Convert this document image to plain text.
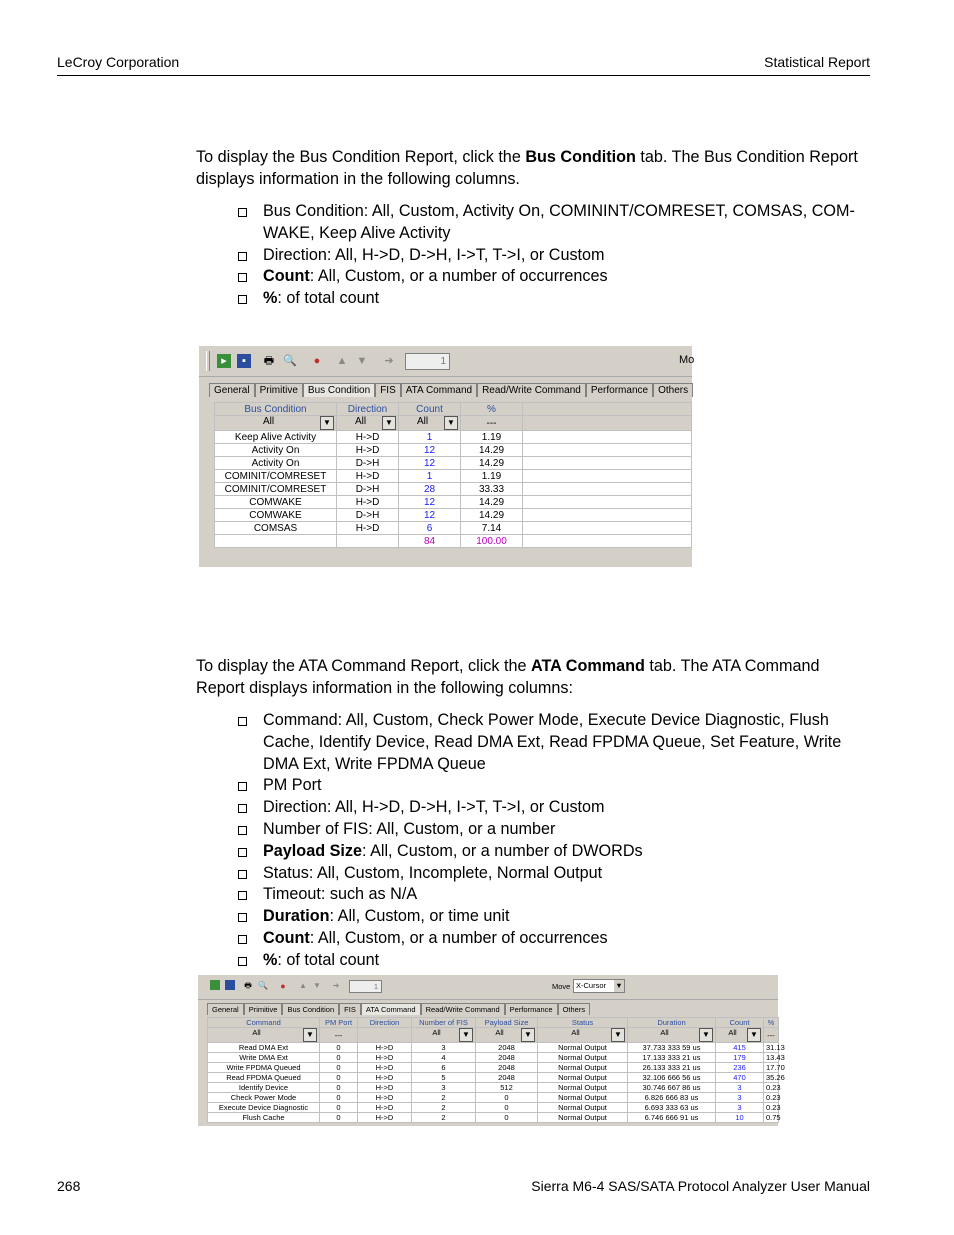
LeCroy Corporation	Statistical Report
To display the Bus Condition Report, click the Bus Condition tab. The Bus Condition Report displays information in the following columns.
Bus Condition: All, Custom, Activity On, COMININT/COMRESET, COMSAS, COM-WAKE, Keep Alive Activity
Direction: All, H->D, D->H, I->T, T->I, or Custom
Count: All, Custom, or a number of occurrences
%: of total count
▸	▪	🖶 🔍	●	▲ ▼ ➔	1	Mo
General	Primitive	Bus Condition	FIS	ATA Command	Read/Write Command	Performance	Others
Bus Condition	Direction	Count	%	
All ▼	All ▼	All ▼	---	
Keep Alive Activity	H->D	1	1.19	
Activity On	H->D	12	14.29	
Activity On	D->H	12	14.29	
COMINIT/COMRESET	H->D	1	1.19	
COMINIT/COMRESET	D->H	28	33.33	
COMWAKE	H->D	12	14.29	
COMWAKE	D->H	12	14.29	
COMSAS	H->D	6	7.14	
		84	100.00	
To display the ATA Command Report, click the ATA Command tab. The ATA Command Report displays information in the following columns:
Command: All, Custom, Check Power Mode, Execute Device Diagnostic, Flush Cache, Identify Device, Read DMA Ext, Read FPDMA Queue, Set Feature, Write DMA Ext, Write FPDMA Queue
PM Port
Direction: All, H->D, D->H, I->T, T->I, or Custom
Number of FIS: All, Custom, or a number
Payload Size: All, Custom, or a number of DWORDs
Status: All, Custom, Incomplete, Normal Output
Timeout: such as N/A
Duration: All, Custom, or time unit
Count: All, Custom, or a number of occurrences
%: of total count
🖶 🔍 ● ▲ ▼ ➔	1	Move X-Cursor ▼
General	Primitive	Bus Condition	FIS	ATA Command	Read/Write Command	Performance	Others
Command	PM Port	Direction	Number of FIS	Payload Size	Status	Duration	Count	%
All ▼	---		All ▼	All ▼	All ▼	All ▼	All ▼	---
Read DMA Ext	0	H->D	3	2048	Normal Output	37.733 333 59 us	415	31.13
Write DMA Ext	0	H->D	4	2048	Normal Output	17.133 333 21 us	179	13.43
Write FPDMA Queued	0	H->D	6	2048	Normal Output	26.133 333 21 us	236	17.70
Read FPDMA Queued	0	H->D	5	2048	Normal Output	32.106 666 56 us	470	35.26
Identify Device	0	H->D	3	512	Normal Output	30.746 667 86 us	3	0.23
Check Power Mode	0	H->D	2	0	Normal Output	6.826 666 83 us	3	0.23
Execute Device Diagnostic	0	H->D	2	0	Normal Output	6.693 333 63 us	3	0.23
Flush Cache	0	H->D	2	0	Normal Output	6.746 666 91 us	10	0.75
268	Sierra M6-4 SAS/SATA Protocol Analyzer User Manual
